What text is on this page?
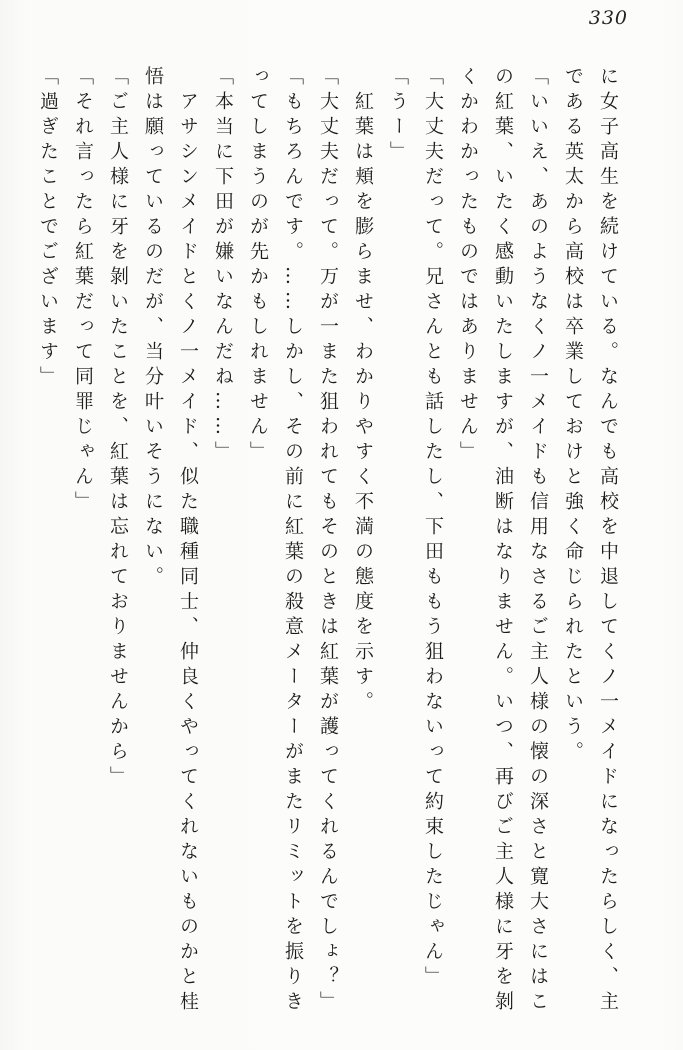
330

に女子高生を続けている。なんでも高校を中退してくノ一メイドになったらしく、主

である英太から高校は卒業しておけと強く命じられたという。

「いいえ、あのようなくノ一メイドも信用なさるご主人様の懐の深さと寛大さにはこ

の紅葉、いたく感動いたしますが、油断はなりません。いつ、再びご主人様に牙を剝

くかわかったものではありません」

「大丈夫だって。兄さんとも話したし、下田ももう狙わないって約束したじゃん」

「うー」

紅葉は頬を膨らませ、わかりやすく不満の態度を示す。

「大丈夫だって。万が一また狙われてもそのときは紅葉が護ってくれるんでしょ？」

「もちろんです。……しかし、その前に紅葉の殺意メーターがまたリミットを振りき

ってしまうのが先かもしれません」

「本当に下田が嫌いなんだね……」

アサシンメイドとくノ一メイド、似た職種同士、仲良くやってくれないものかと桂

悟は願っているのだが、当分叶いそうにない。

「ご主人様に牙を剝いたことを、紅葉は忘れておりませんから」

「それ言ったら紅葉だって同罪じゃん」

「過ぎたことでございます」
